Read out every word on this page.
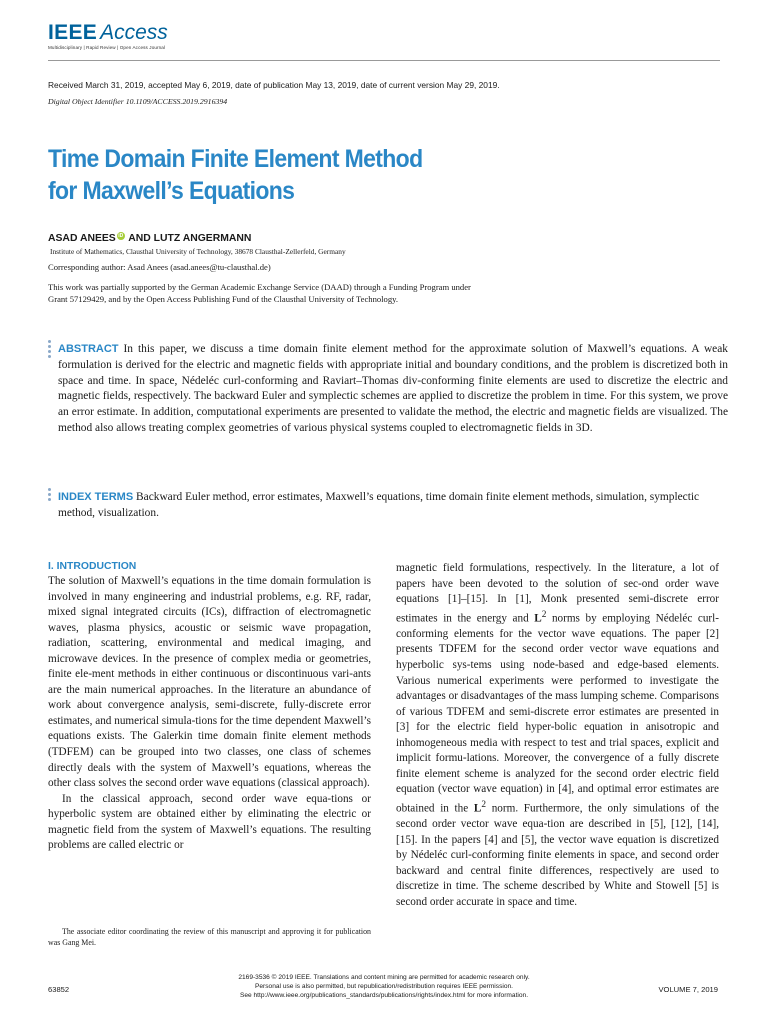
IEEE Access
Multidisciplinary | Rapid Review | Open Access Journal
Received March 31, 2019, accepted May 6, 2019, date of publication May 13, 2019, date of current version May 29, 2019.
Digital Object Identifier 10.1109/ACCESS.2019.2916394
Time Domain Finite Element Method
for Maxwell’s Equations
ASAD ANEES iD AND LUTZ ANGERMANN
Institute of Mathematics, Clausthal University of Technology, 38678 Clausthal-Zellerfeld, Germany
Corresponding author: Asad Anees (asad.anees@tu-clausthal.de)
This work was partially supported by the German Academic Exchange Service (DAAD) through a Funding Program under
Grant 57129429, and by the Open Access Publishing Fund of the Clausthal University of Technology.
ABSTRACT In this paper, we discuss a time domain finite element method for the approximate solution of Maxwell’s equations. A weak formulation is derived for the electric and magnetic fields with appropriate initial and boundary conditions, and the problem is discretized both in space and time. In space, Nédeléc curl-conforming and Raviart–Thomas div-conforming finite elements are used to discretize the electric and magnetic fields, respectively. The backward Euler and symplectic schemes are applied to discretize the problem in time. For this system, we prove an error estimate. In addition, computational experiments are presented to validate the method, the electric and magnetic fields are visualized. The method also allows treating complex geometries of various physical systems coupled to electromagnetic fields in 3D.
INDEX TERMS Backward Euler method, error estimates, Maxwell’s equations, time domain finite element methods, simulation, symplectic method, visualization.
I. INTRODUCTION

The solution of Maxwell’s equations in the time domain formulation is involved in many engineering and industrial problems, e.g. RF, radar, mixed signal integrated circuits (ICs), diffraction of electromagnetic waves, plasma physics, acoustic or seismic wave propagation, radiation, scattering, environmental and medical imaging, and microwave devices. In the presence of complex media or geometries, finite ele-ment methods in either continuous or discontinuous vari-ants are the main numerical approaches. In the literature an abundance of work about convergence analysis, semi-discrete, fully-discrete error estimates, and numerical simula-tions for the time dependent Maxwell’s equations exists. The Galerkin time domain finite element methods (TDFEM) can be grouped into two classes, one class of schemes directly deals with the system of Maxwell’s equations, whereas the other class solves the second order wave equations (classical approach).

In the classical approach, second order wave equa-tions or hyperbolic system are obtained either by eliminating the electric or magnetic field from the system of Maxwell’s equations. The resulting problems are called electric or

The associate editor coordinating the review of this manuscript and approving it for publication was Gang Mei.

magnetic field formulations, respectively. In the literature, a lot of papers have been devoted to the solution of sec-ond order wave equations [1]–[15]. In [1], Monk presented semi-discrete error estimates in the energy and $L^2$ norms by employing Nédeléc curl-conforming elements for the vector wave equations. The paper [2] presents TDFEM for the second order vector wave equations and hyperbolic sys-tems using node-based and edge-based elements. Various numerical experiments were performed to investigate the advantages or disadvantages of the mass lumping scheme. Comparisons of various TDFEM and semi-discrete error estimates are presented in [3] for the electric field hyper-bolic equation in anisotropic and inhomogeneous media with respect to test and trial spaces, explicit and implicit formu-lations. Moreover, the convergence of a fully discrete finite element scheme is analyzed for the second order electric field equation (vector wave equation) in [4], and optimal error estimates are obtained in the $L^2$ norm. Furthermore, the only simulations of the second order vector wave equa-tion are described in [5], [12], [14], [15]. In the papers [4] and [5], the vector wave equation is discretized by Nédeléc curl-conforming finite elements in space, and second order backward and central finite differences, respectively are used to discretize in time. The scheme described by White and Stowell [5] is second order accurate in space and time.

63852
2169-3536 © 2019 IEEE. Translations and content mining are permitted for academic research only.
Personal use is also permitted, but republication/redistribution requires IEEE permission.
See http://www.ieee.org/publications_standards/publications/rights/index.html for more information.
VOLUME 7, 2019
